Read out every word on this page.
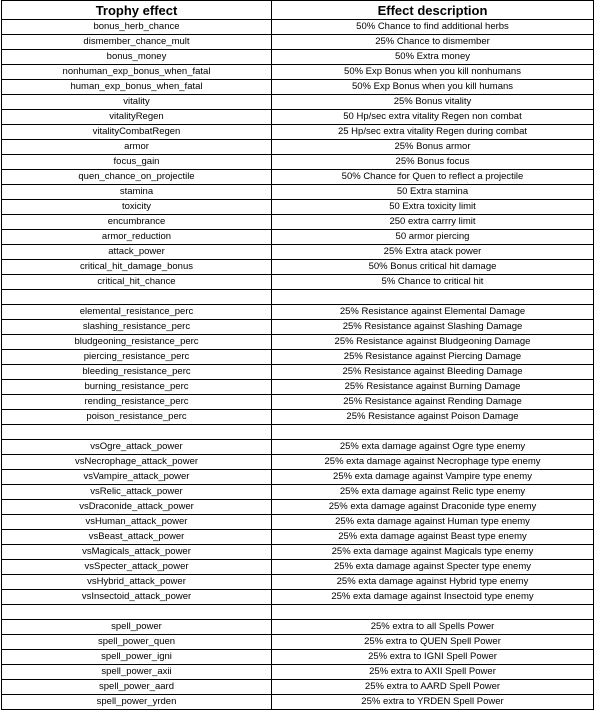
Trophy effect	Effect description
bonus_herb_chance	50% Chance to find additional herbs
dismember_chance_mult	25% Chance to dismember
bonus_money	50% Extra money
nonhuman_exp_bonus_when_fatal	50% Exp Bonus when you kill nonhumans
human_exp_bonus_when_fatal	50% Exp Bonus when you kill humans
vitality	25% Bonus vitality
vitalityRegen	50 Hp/sec extra vitality Regen non combat
vitalityCombatRegen	25 Hp/sec extra vitality Regen during combat
armor	25% Bonus armor
focus_gain	25% Bonus focus
quen_chance_on_projectile	50% Chance for Quen to reflect a projectile
stamina	50 Extra stamina
toxicity	50 Extra toxicity limit
encumbrance	250 extra carrry limit
armor_reduction	50 armor piercing
attack_power	25% Extra atack power
critical_hit_damage_bonus	50% Bonus critical hit damage
critical_hit_chance	5% Chance to critical hit

elemental_resistance_perc	25% Resistance against Elemental Damage
slashing_resistance_perc	25% Resistance against Slashing Damage
bludgeoning_resistance_perc	25% Resistance against Bludgeoning Damage
piercing_resistance_perc	25% Resistance against Piercing Damage
bleeding_resistance_perc	25% Resistance against Bleeding Damage
burning_resistance_perc	25% Resistance against Burning Damage
rending_resistance_perc	25% Resistance against Rending Damage
poison_resistance_perc	25% Resistance against Poison Damage

vsOgre_attack_power	25% exta damage against Ogre type enemy
vsNecrophage_attack_power	25% exta damage against Necrophage type enemy
vsVampire_attack_power	25% exta damage against Vampire type enemy
vsRelic_attack_power	25% exta damage against Relic type enemy
vsDraconide_attack_power	25% exta damage against Draconide type enemy
vsHuman_attack_power	25% exta damage against Human type enemy
vsBeast_attack_power	25% exta damage against Beast type enemy
vsMagicals_attack_power	25% exta damage against Magicals type enemy
vsSpecter_attack_power	25% exta damage against Specter type enemy
vsHybrid_attack_power	25% exta damage against Hybrid type enemy
vsInsectoid_attack_power	25% exta damage against Insectoid type enemy

spell_power	25% extra to all Spells Power
spell_power_quen	25% extra to QUEN Spell Power
spell_power_igni	25% extra to IGNI Spell Power
spell_power_axii	25% extra to AXII Spell Power
spell_power_aard	25% extra to AARD Spell Power
spell_power_yrden	25% extra to YRDEN Spell Power
